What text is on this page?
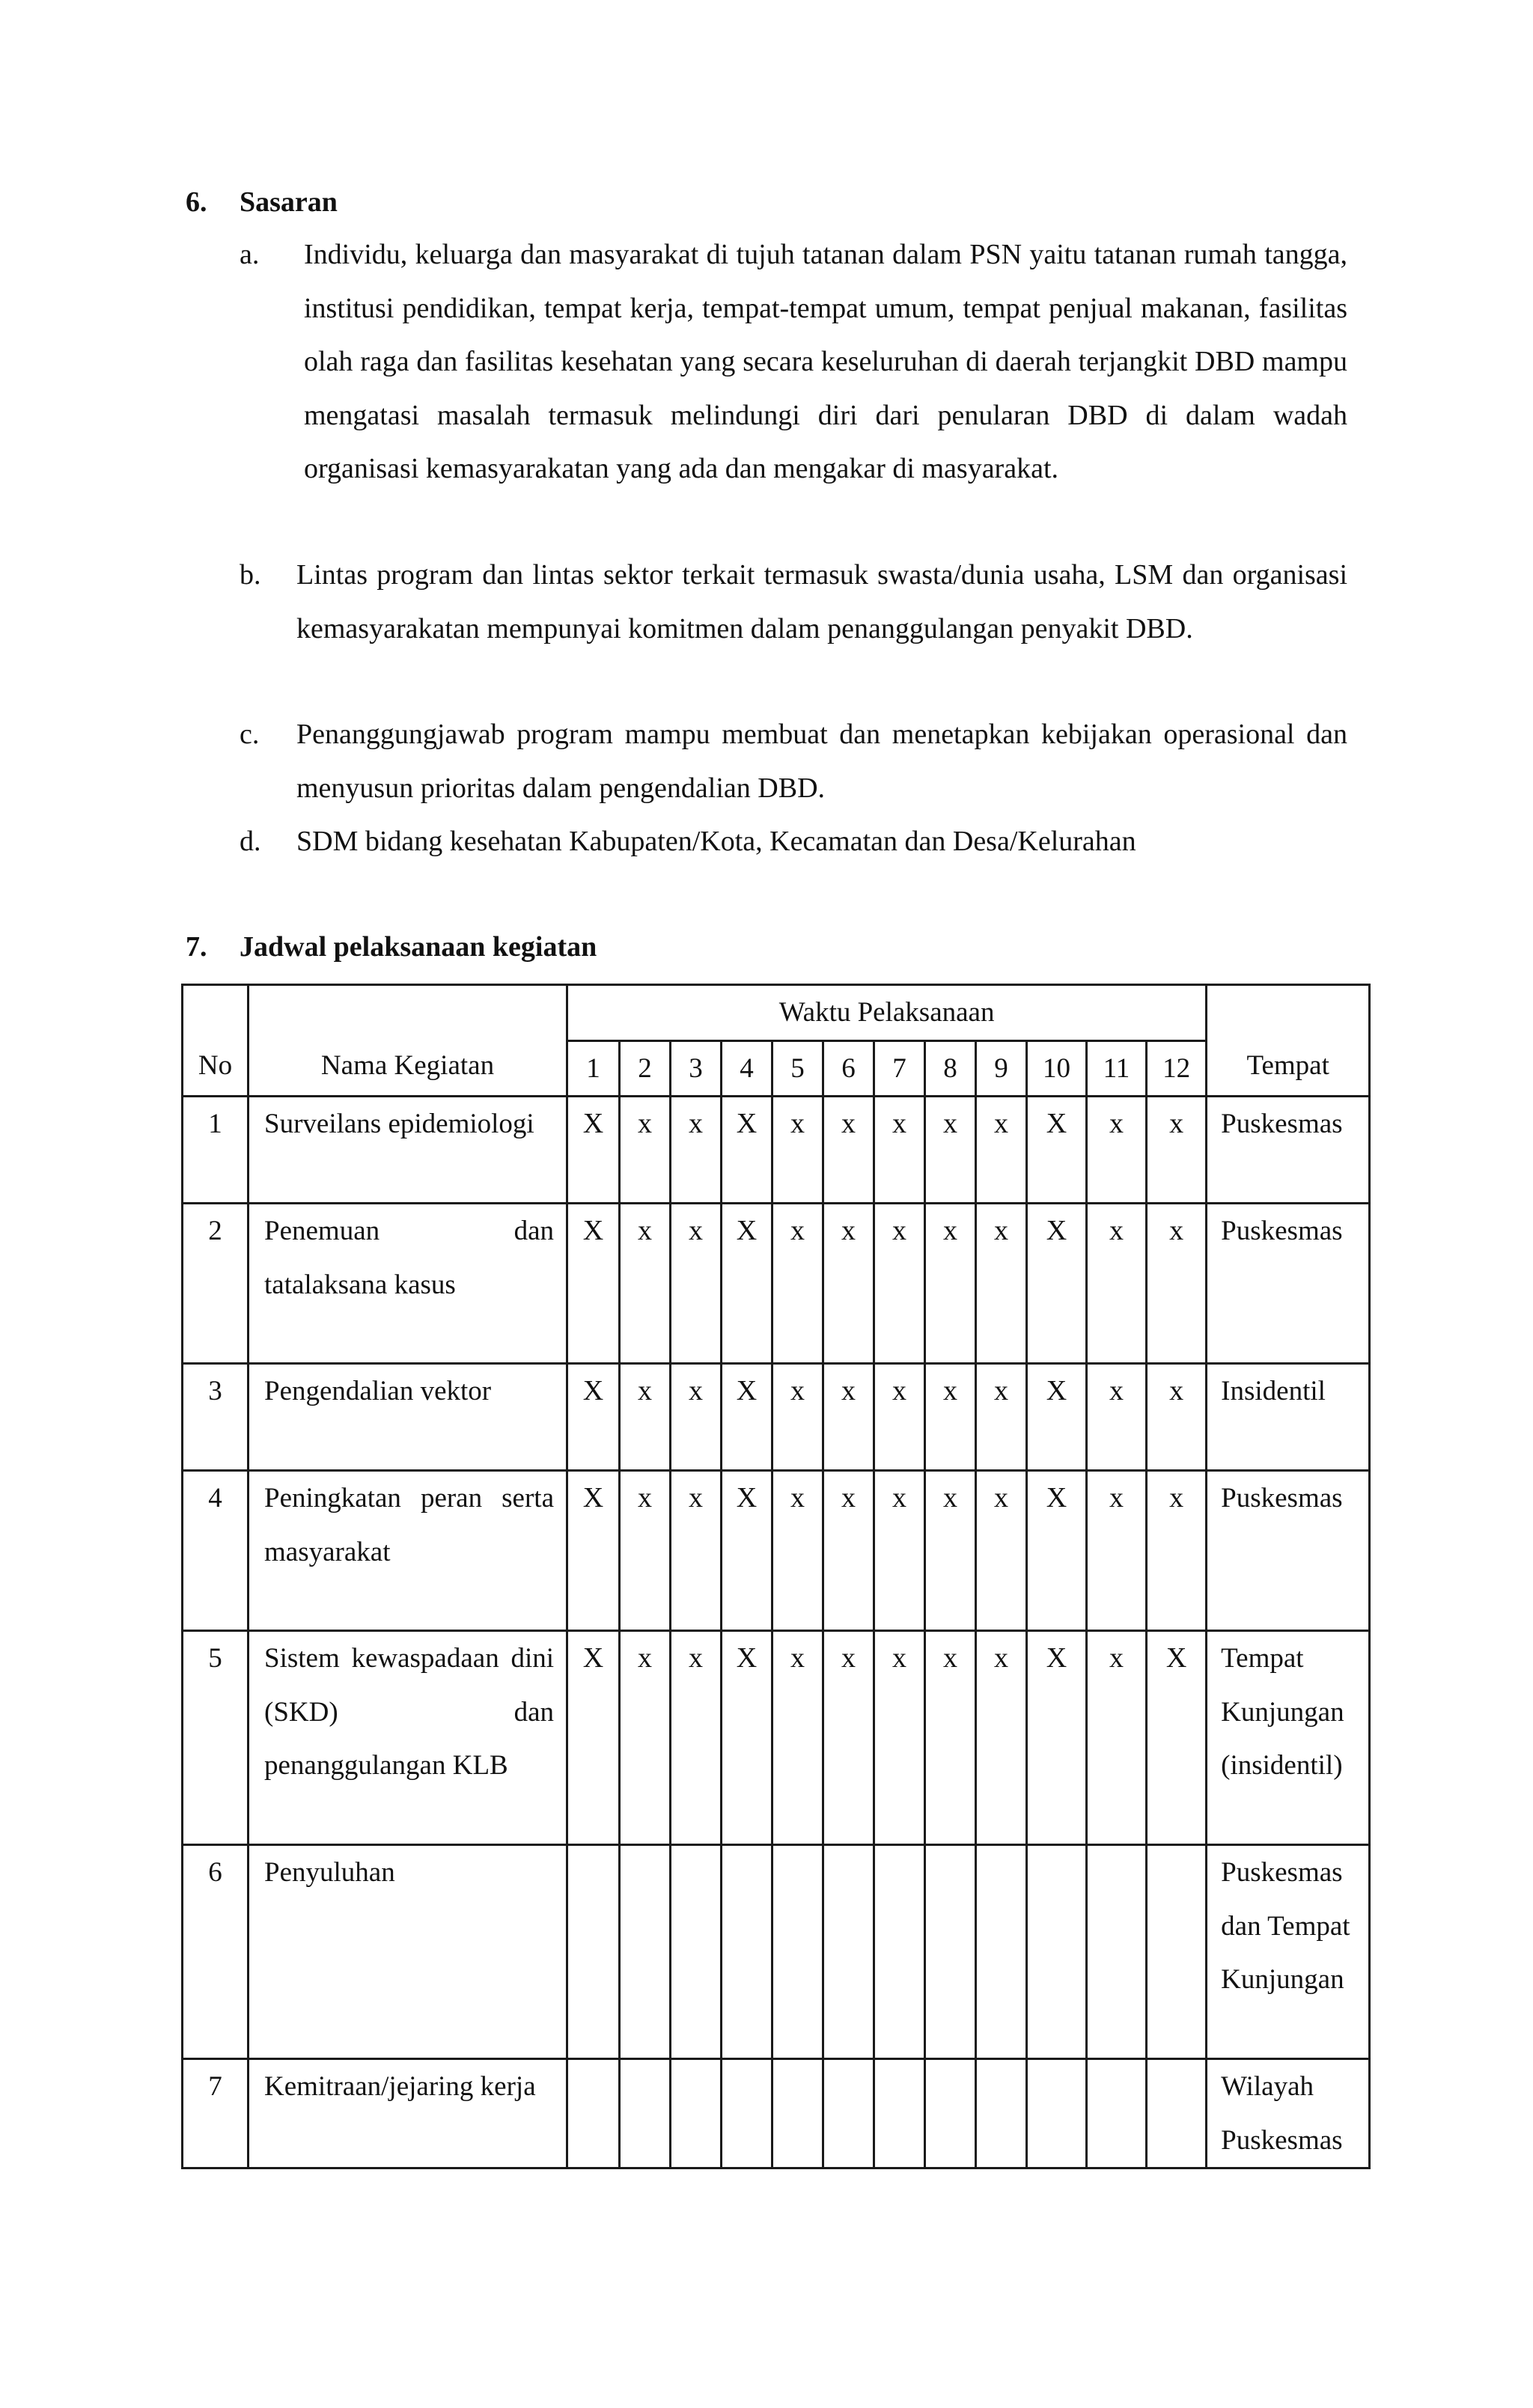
6. Sasaran
a.	Individu, keluarga dan masyarakat di tujuh tatanan dalam PSN yaitu tatanan rumah tangga, institusi pendidikan, tempat kerja, tempat-tempat umum, tempat penjual makanan, fasilitas olah raga dan fasilitas kesehatan yang secara keseluruhan di daerah terjangkit DBD mampu mengatasi masalah termasuk melindungi diri dari penularan DBD di dalam wadah organisasi kemasyarakatan yang ada dan mengakar di masyarakat.
b.	Lintas program dan lintas sektor terkait termasuk swasta/dunia usaha, LSM dan organisasi kemasyarakatan mempunyai komitmen dalam penanggulangan penyakit DBD.
c.	Penanggungjawab program mampu membuat dan menetapkan kebijakan operasional dan menyusun prioritas dalam pengendalian DBD.
d.	SDM bidang kesehatan Kabupaten/Kota, Kecamatan dan Desa/Kelurahan
7. Jadwal pelaksanaan kegiatan
No	Nama Kegiatan	Waktu Pelaksanaan												Tempat
		1	2	3	4	5	6	7	8	9	10	11	12	
1	Surveilans epidemiologi	X	x	x	X	x	x	x	x	x	X	x	x	Puskesmas
2	Penemuan dan tatalaksana kasus	X	x	x	X	x	x	x	x	x	X	x	x	Puskesmas
3	Pengendalian vektor	X	x	x	X	x	x	x	x	x	X	x	x	Insidentil
4	Peningkatan peran serta masyarakat	X	x	x	X	x	x	x	x	x	X	x	x	Puskesmas
5	Sistem kewaspadaan dini (SKD) dan penanggulangan KLB	X	x	x	X	x	x	x	x	x	X	x	X	Tempat Kunjungan (insidentil)
6	Penyuluhan													Puskesmas dan Tempat Kunjungan
7	Kemitraan/jejaring kerja													Wilayah Puskesmas
